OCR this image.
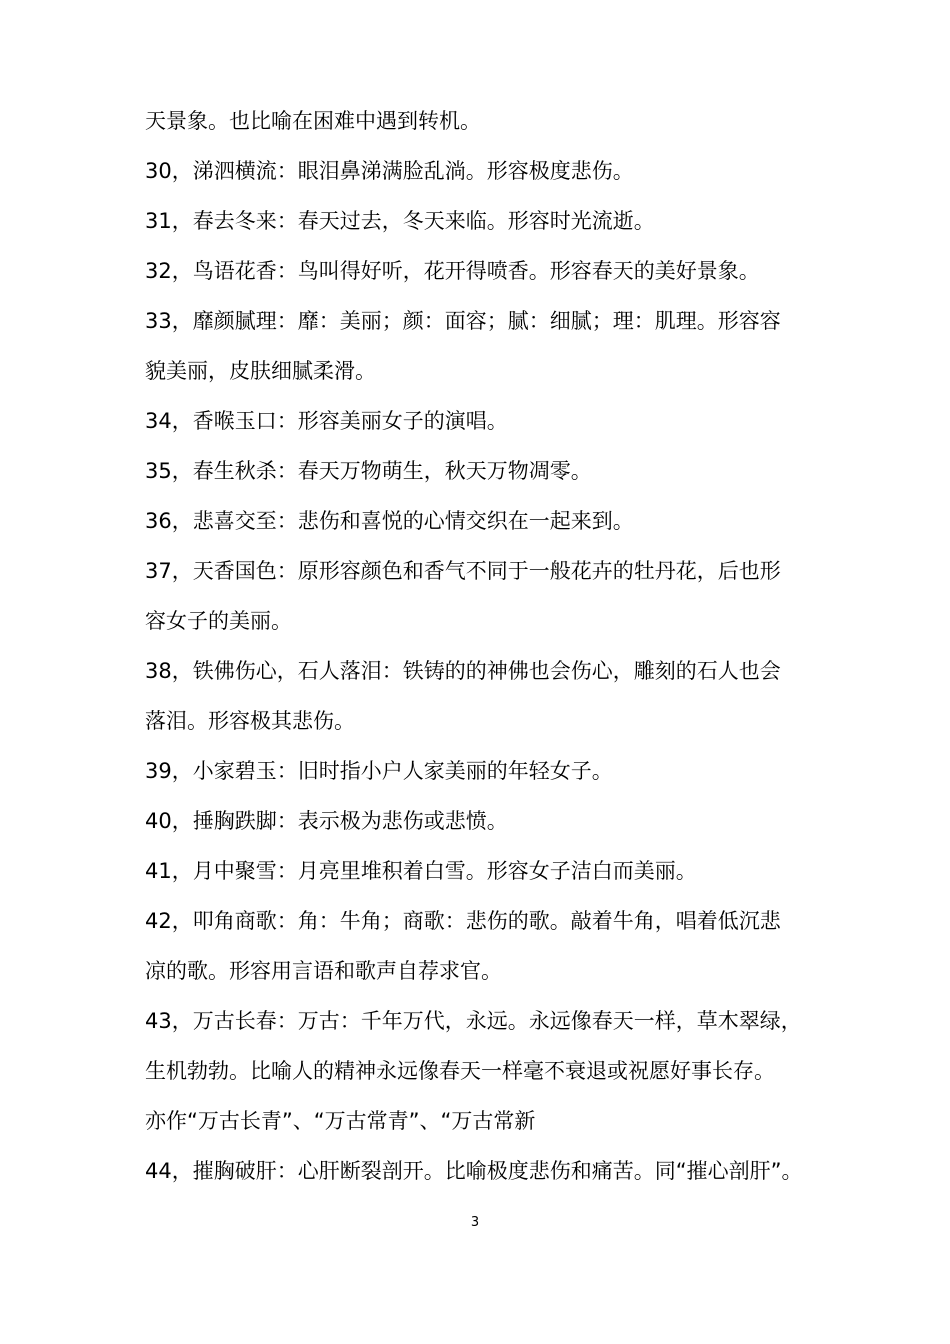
天景象。也比喻在困难中遇到转机。
30，涕泗横流：眼泪鼻涕满脸乱淌。形容极度悲伤。
31，春去冬来：春天过去，冬天来临。形容时光流逝。
32，鸟语花香：鸟叫得好听，花开得喷香。形容春天的美好景象。
33，靡颜腻理：靡：美丽；颜：面容；腻：细腻；理：肌理。形容容
貌美丽，皮肤细腻柔滑。
34，香喉玉口：形容美丽女子的演唱。
35，春生秋杀：春天万物萌生，秋天万物凋零。
36，悲喜交至：悲伤和喜悦的心情交织在一起来到。
37，天香国色：原形容颜色和香气不同于一般花卉的牡丹花，后也形
容女子的美丽。
38，铁佛伤心，石人落泪：铁铸的的神佛也会伤心，雕刻的石人也会
落泪。形容极其悲伤。
39，小家碧玉：旧时指小户人家美丽的年轻女子。
40，捶胸跌脚：表示极为悲伤或悲愤。
41，月中聚雪：月亮里堆积着白雪。形容女子洁白而美丽。
42，叩角商歌：角：牛角；商歌：悲伤的歌。敲着牛角，唱着低沉悲
凉的歌。形容用言语和歌声自荐求官。
43，万古长春：万古：千年万代，永远。永远像春天一样，草木翠绿，
生机勃勃。比喻人的精神永远像春天一样毫不衰退或祝愿好事长存。
亦作“万古长青”、“万古常青”、“万古常新
44，摧胸破肝：心肝断裂剖开。比喻极度悲伤和痛苦。同“摧心剖肝”。
3
